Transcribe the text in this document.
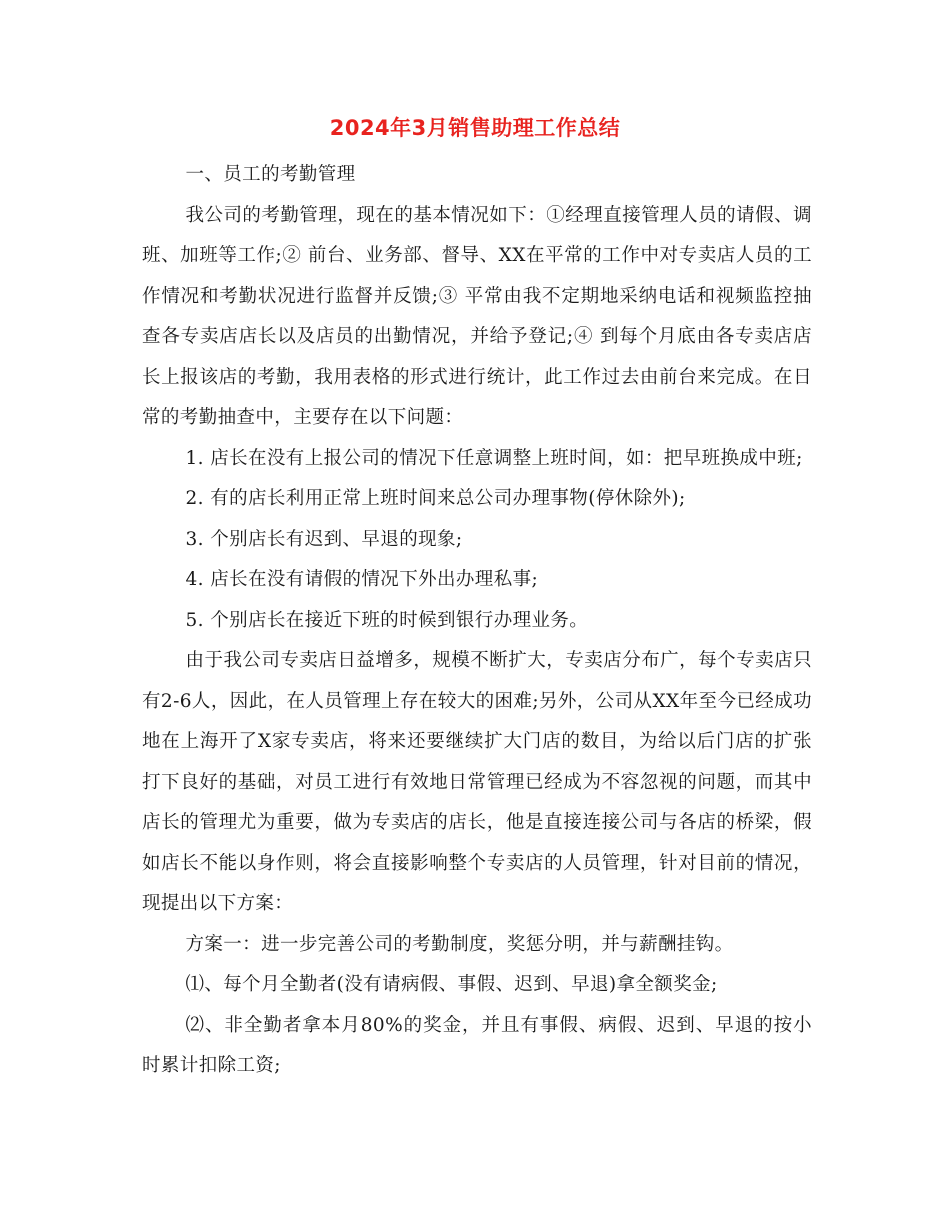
2024年3月销售助理工作总结

一、员工的考勤管理

我公司的考勤管理，现在的基本情况如下：①经理直接管理人员的请假、调班、加班等工作;② 前台、业务部、督导、XX在平常的工作中对专卖店人员的工作情况和考勤状况进行监督并反馈;③ 平常由我不定期地采纳电话和视频监控抽查各专卖店店长以及店员的出勤情况，并给予登记;④ 到每个月底由各专卖店店长上报该店的考勤，我用表格的形式进行统计，此工作过去由前台来完成。在日常的考勤抽查中，主要存在以下问题：

1. 店长在没有上报公司的情况下任意调整上班时间，如：把早班换成中班;

2. 有的店长利用正常上班时间来总公司办理事物(停休除外);

3. 个别店长有迟到、早退的现象;

4. 店长在没有请假的情况下外出办理私事;

5. 个别店长在接近下班的时候到银行办理业务。

由于我公司专卖店日益增多，规模不断扩大，专卖店分布广，每个专卖店只有2-6人，因此，在人员管理上存在较大的困难;另外，公司从XX年至今已经成功地在上海开了X家专卖店，将来还要继续扩大门店的数目，为给以后门店的扩张打下良好的基础，对员工进行有效地日常管理已经成为不容忽视的问题，而其中店长的管理尤为重要，做为专卖店的店长，他是直接连接公司与各店的桥梁，假如店长不能以身作则，将会直接影响整个专卖店的人员管理，针对目前的情况，现提出以下方案：

方案一：进一步完善公司的考勤制度，奖惩分明，并与薪酬挂钩。

⑴、每个月全勤者(没有请病假、事假、迟到、早退)拿全额奖金;

⑵、非全勤者拿本月80%的奖金，并且有事假、病假、迟到、早退的按小时累计扣除工资;
